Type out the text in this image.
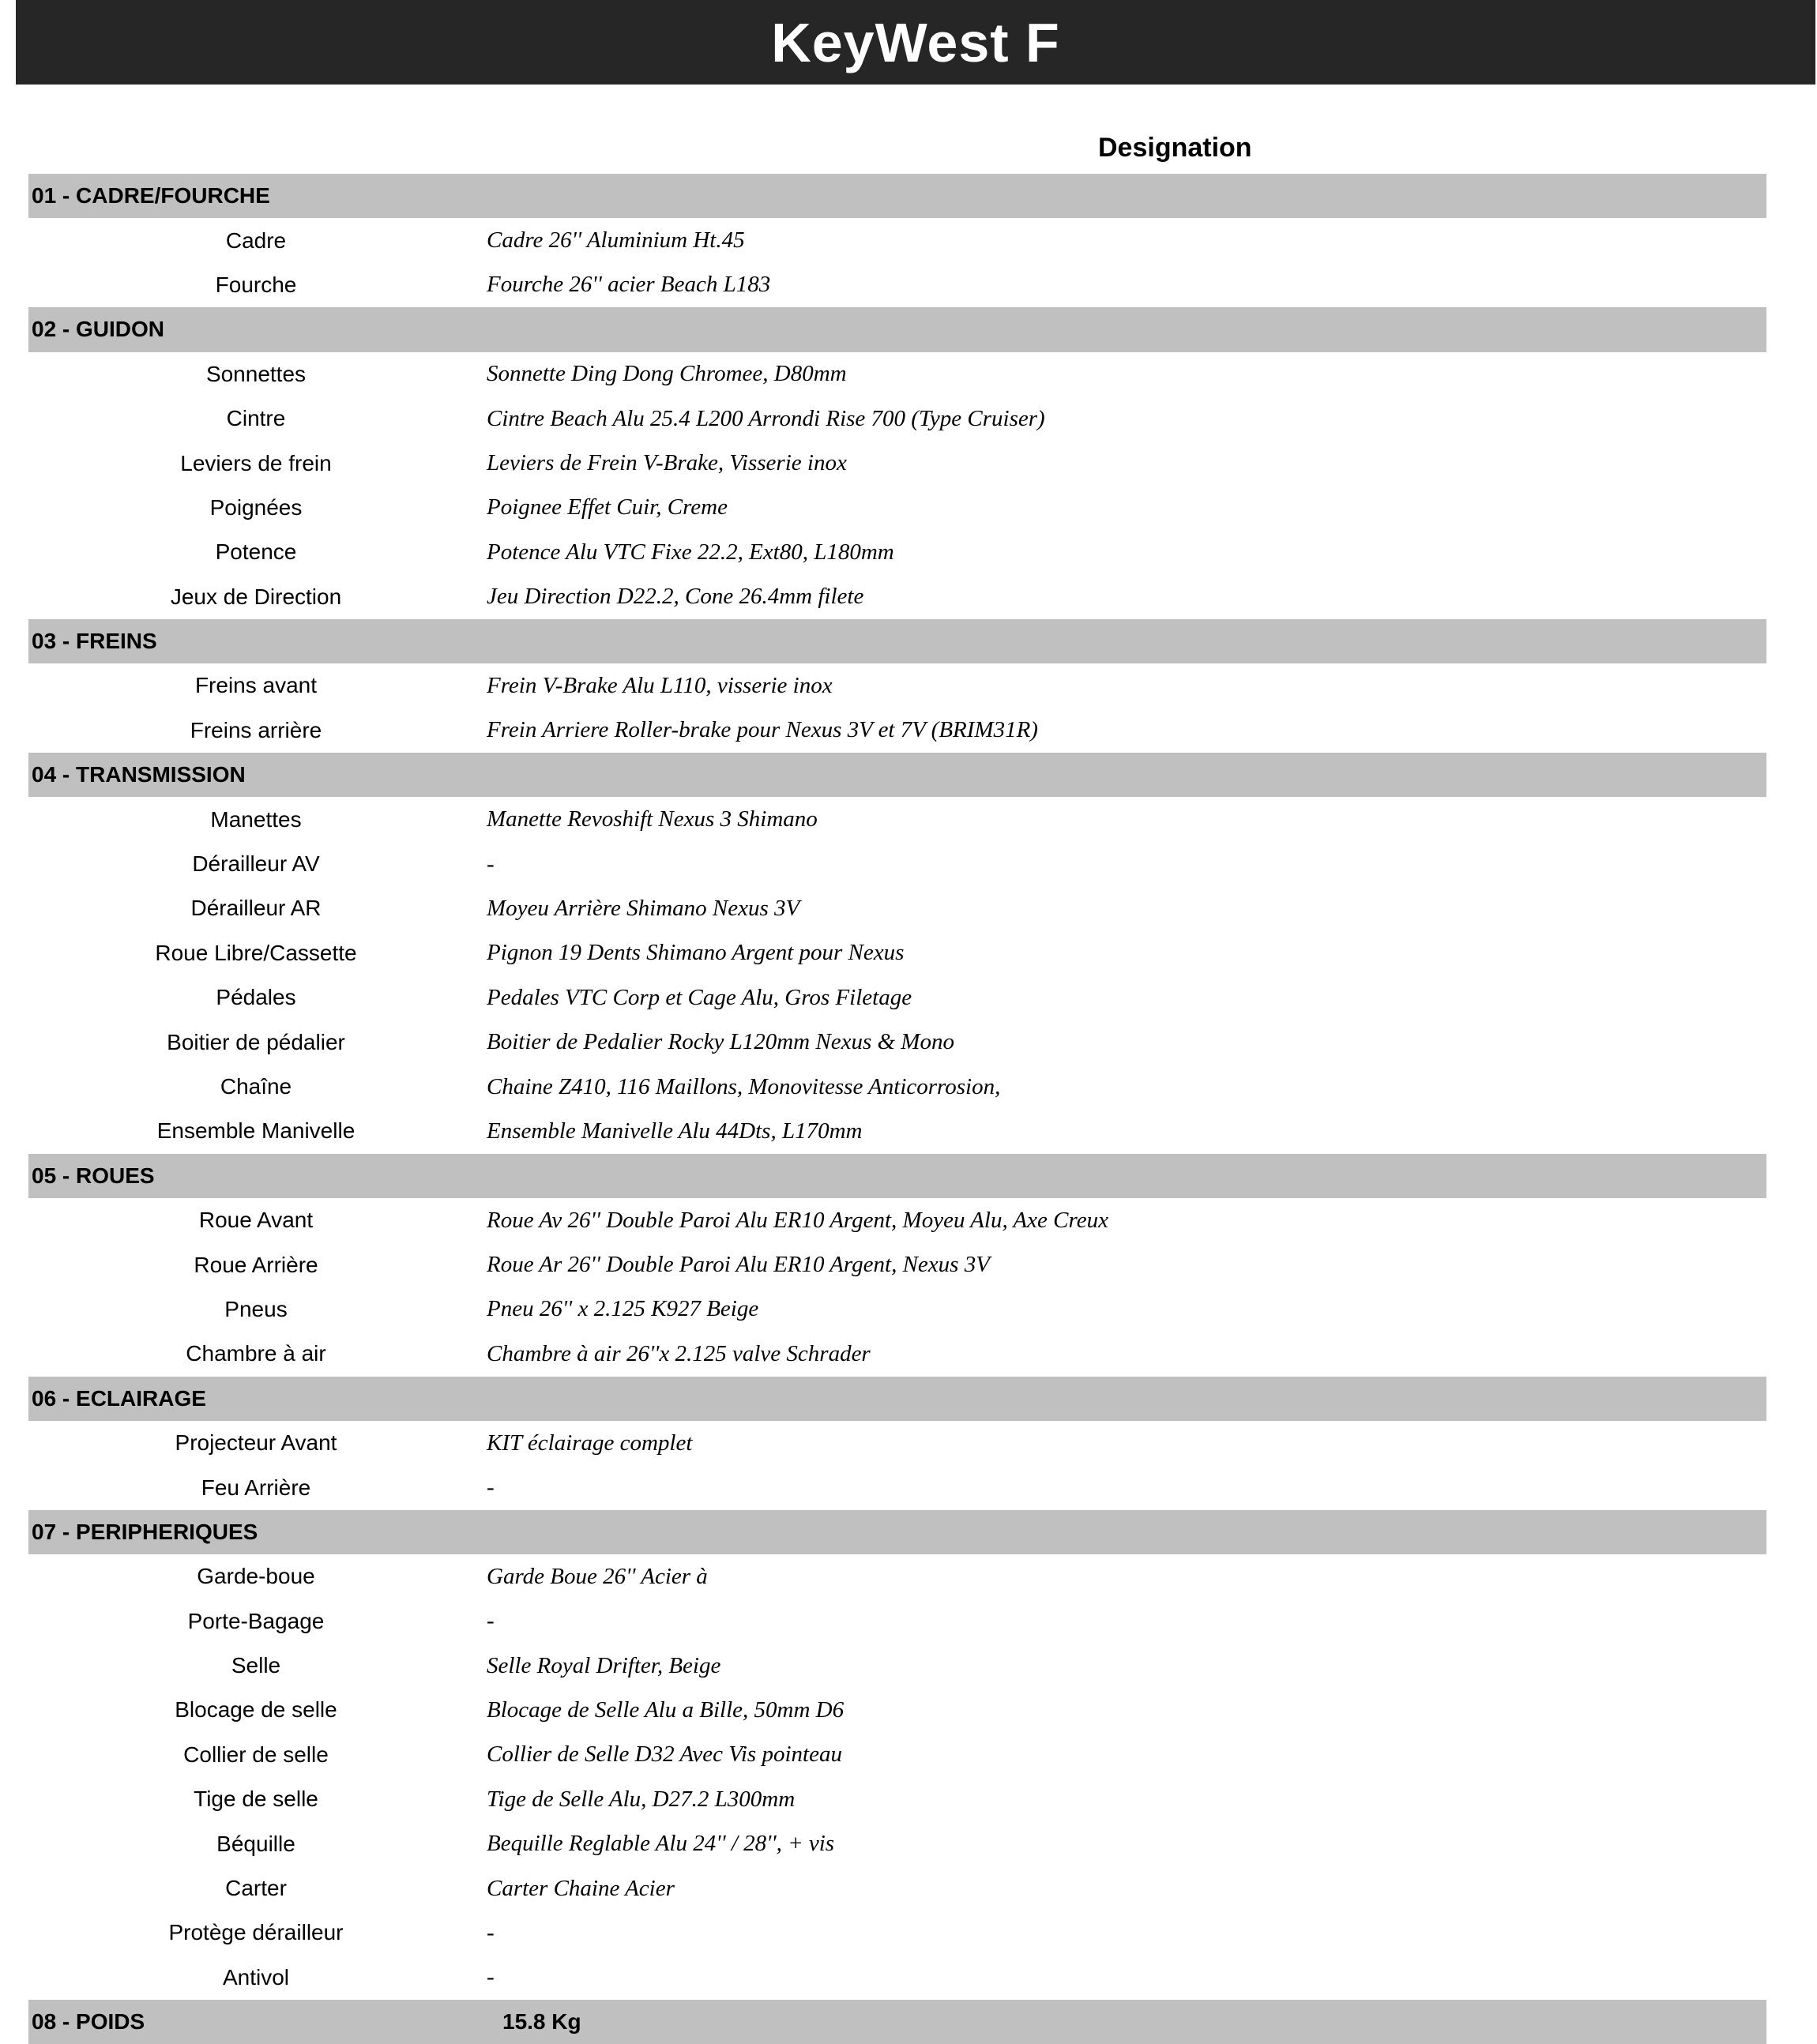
KeyWest F
Designation
01 - CADRE/FOURCHE
Cadre	Cadre 26'' Aluminium Ht.45
Fourche	Fourche 26'' acier Beach L183
02 - GUIDON
Sonnettes	Sonnette Ding Dong Chromee, D80mm
Cintre	Cintre Beach Alu 25.4 L200 Arrondi Rise 700 (Type Cruiser)
Leviers de frein	Leviers de Frein V-Brake, Visserie inox
Poignées	Poignee Effet Cuir, Creme
Potence	Potence Alu VTC Fixe 22.2, Ext80, L180mm
Jeux de Direction	Jeu Direction D22.2, Cone 26.4mm filete
03 - FREINS
Freins avant	Frein V-Brake Alu L110, visserie inox
Freins arrière	Frein Arriere Roller-brake pour Nexus 3V et 7V (BRIM31R)
04 - TRANSMISSION
Manettes	Manette Revoshift Nexus 3 Shimano
Dérailleur AV	-
Dérailleur AR	Moyeu Arrière Shimano Nexus 3V
Roue Libre/Cassette	Pignon 19 Dents Shimano Argent pour Nexus
Pédales	Pedales VTC Corp et Cage Alu, Gros Filetage
Boitier de pédalier	Boitier de Pedalier Rocky L120mm Nexus & Mono
Chaîne	Chaine Z410, 116 Maillons, Monovitesse Anticorrosion,
Ensemble Manivelle	Ensemble Manivelle Alu 44Dts, L170mm
05 - ROUES
Roue Avant	Roue Av 26'' Double Paroi Alu ER10 Argent, Moyeu Alu, Axe Creux
Roue Arrière	Roue Ar 26'' Double Paroi Alu ER10 Argent, Nexus 3V
Pneus	Pneu 26'' x 2.125 K927 Beige
Chambre à air	Chambre à air 26''x 2.125 valve Schrader
06 - ECLAIRAGE
Projecteur Avant	KIT éclairage complet
Feu Arrière	-
07 - PERIPHERIQUES
Garde-boue	Garde Boue 26'' Acier à
Porte-Bagage	-
Selle	Selle Royal Drifter, Beige
Blocage de selle	Blocage de Selle Alu a Bille, 50mm D6
Collier de selle	Collier de Selle D32 Avec Vis pointeau
Tige de selle	Tige de Selle Alu, D27.2 L300mm
Béquille	Bequille Reglable Alu 24'' / 28'', + vis
Carter	Carter Chaine Acier
Protège dérailleur	-
Antivol	-
08 - POIDS	15.8 Kg
